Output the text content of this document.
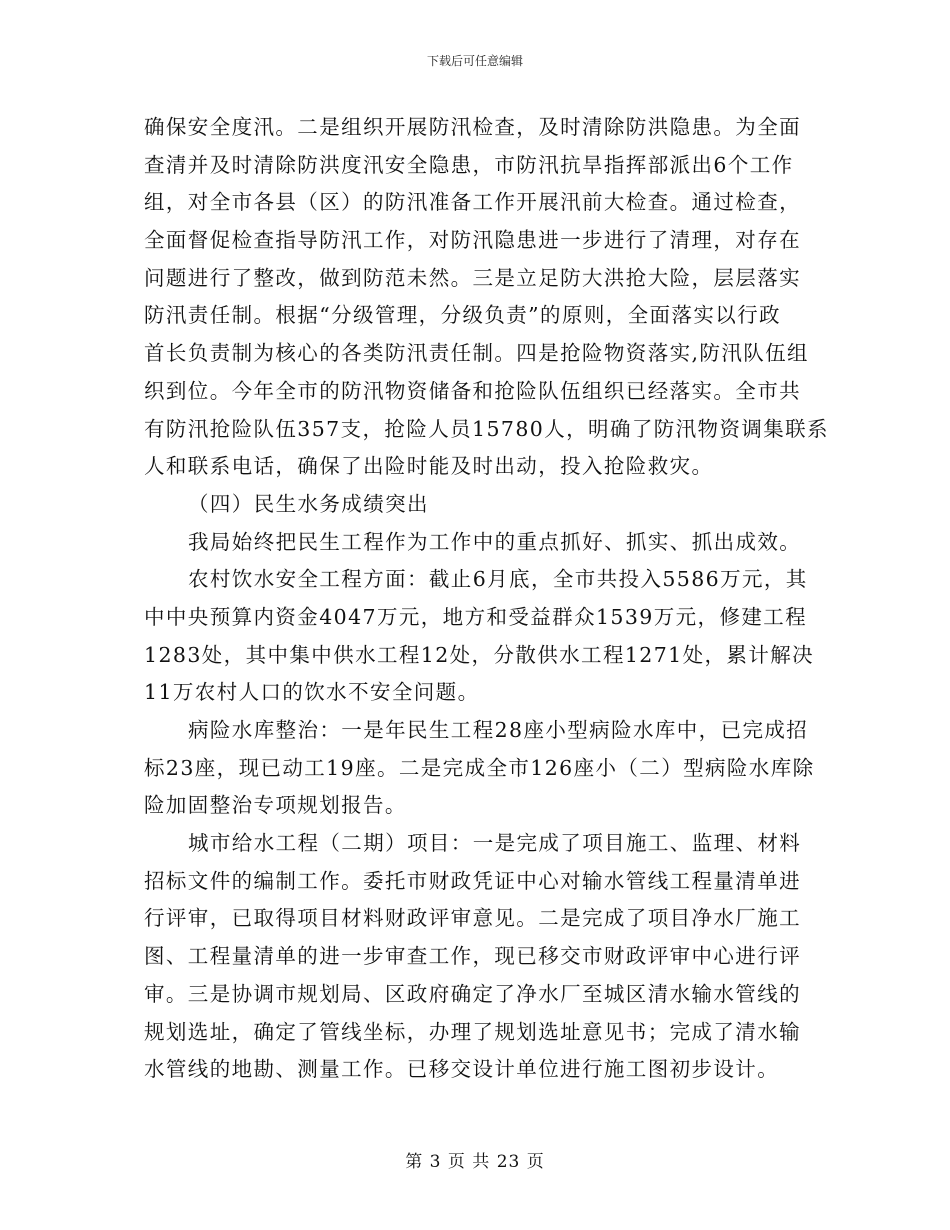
下载后可任意编辑
确保安全度汛。二是组织开展防汛检查，及时清除防洪隐患。为全面
查清并及时清除防洪度汛安全隐患，市防汛抗旱指挥部派出6个工作
组，对全市各县（区）的防汛准备工作开展汛前大检查。通过检查，
全面督促检查指导防汛工作，对防汛隐患进一步进行了清理，对存在
问题进行了整改，做到防范未然。三是立足防大洪抢大险，层层落实
防汛责任制。根据“分级管理，分级负责”的原则，全面落实以行政
首长负责制为核心的各类防汛责任制。四是抢险物资落实,防汛队伍组
织到位。今年全市的防汛物资储备和抢险队伍组织已经落实。全市共
有防汛抢险队伍357支，抢险人员15780人，明确了防汛物资调集联系
人和联系电话，确保了出险时能及时出动，投入抢险救灾。
（四）民生水务成绩突出
我局始终把民生工程作为工作中的重点抓好、抓实、抓出成效。
农村饮水安全工程方面：截止6月底，全市共投入5586万元，其
中中央预算内资金4047万元，地方和受益群众1539万元，修建工程
1283处，其中集中供水工程12处，分散供水工程1271处，累计解决
11万农村人口的饮水不安全问题。
病险水库整治：一是年民生工程28座小型病险水库中，已完成招
标23座，现已动工19座。二是完成全市126座小（二）型病险水库除
险加固整治专项规划报告。
城市给水工程（二期）项目：一是完成了项目施工、监理、材料
招标文件的编制工作。委托市财政凭证中心对输水管线工程量清单进
行评审，已取得项目材料财政评审意见。二是完成了项目净水厂施工
图、工程量清单的进一步审查工作，现已移交市财政评审中心进行评
审。三是协调市规划局、区政府确定了净水厂至城区清水输水管线的
规划选址，确定了管线坐标，办理了规划选址意见书；完成了清水输
水管线的地勘、测量工作。已移交设计单位进行施工图初步设计。
第 3 页 共 23 页
